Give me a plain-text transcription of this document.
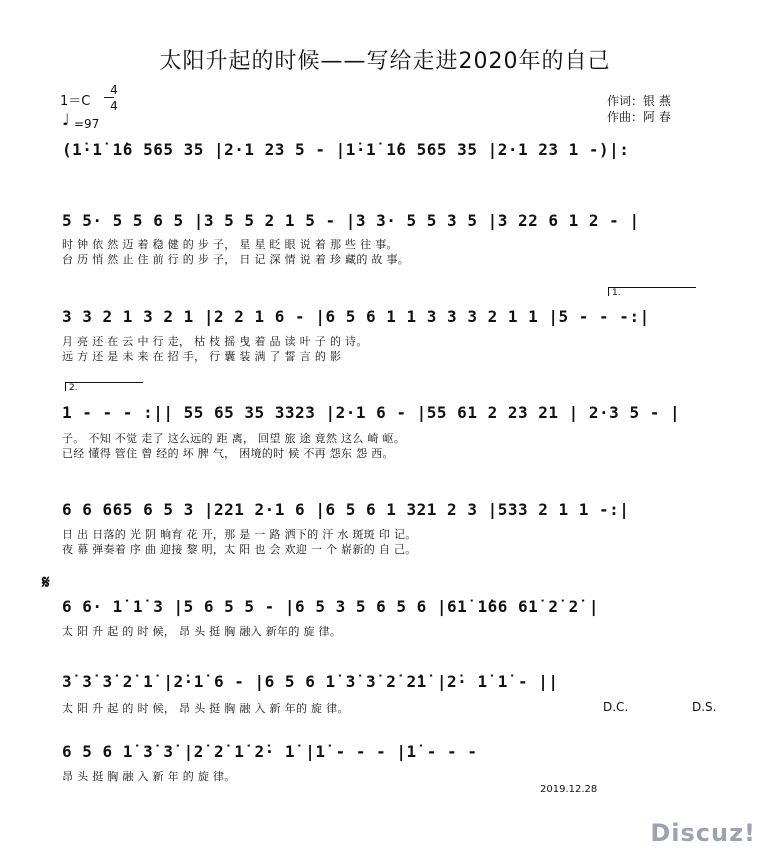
太阳升起的时候——写给走进2020年的自己
1＝C
4
4
♩ =97
作词：银 燕
作曲：阿 春
(1̇·1̇ 1̇6 565 35 |2·1 23 5 - |1̇·1̇ 1̇6 565 35 |2·1 23 1 -)|:
5 5· 5 5 6 5 |3 5 5 2 1 5 - |3 3· 5 5 3 5 |3 22 6 1 2 - |
时 钟 依 然 迈 着 稳 健 的 步 子， 星 星 眨 眼 说 着 那 些 往 事。
台 历 悄 然 止 住 前 行 的 步 子， 日 记 深 情 说 着 珍 藏的 故 事。
1.
3 3 2 1 3 2 1 |2 2 1 6 - |6 5 6 1 1 3 3 3 2 1 1 |5 - - -:|
月 亮 还 在 云 中 行 走， 枯 枝 摇 曳 着 品 读 叶 子 的 诗。
远 方 还 是 未 来 在 招 手， 行 囊 装 满 了 誓 言 的 影
2.
1 - - - :|| 55 65 35 3323 |2·1 6 - |55 61 2 23 21 | 2·3 5 - |
子。 不知 不觉 走了 这么远的 距 离， 回望 旅 途 竟然 这么 崎 岖。
已经 懂得 管住 曾 经的 坏 脾 气， 困境的时 候 不再 怨东 怨 西。
6 6 665 6 5 3 |221 2·1 6 |6 5 6 1 321 2 3 |533 2 1 1 -:|
日 出 日落的 光 阴 晌育 花 开，那 是 一 路 洒下的 汗 水 斑斑 印 记。
夜 幕 弹奏着 序 曲 迎接 黎 明，太 阳 也 会 欢迎 一 个 崭新的 自 己。
𝄋
6 6· 1̇ 1̇ 3 |5 6 5 5 - |6 5 3 5 6 5 6 |61̇ 1̇66 61̇ 2̇ 2̇ |
太 阳 升 起 的 时 候， 昂 头 挺 胸 融入 新年的 旋 律。
3̇ 3̇ 3̇ 2̇ 1̇ |2̇·1̇ 6 - |6 5 6 1̇ 3̇ 3̇ 2̇ 2̇1̇ |2̇· 1̇ 1̇ - ||
太 阳 升 起 的 时 候， 昂 头 挺 胸 融 入 新 年的 旋 律。	D.C.	D.S.
6 5 6 1̇ 3̇ 3̇ |2̇ 2̇ 1̇ 2̇· 1̇ |1̇ - - - |1̇ - - -
昂 头 挺 胸 融 入 新 年 的 旋 律。
2019.12.28
Discuz!
